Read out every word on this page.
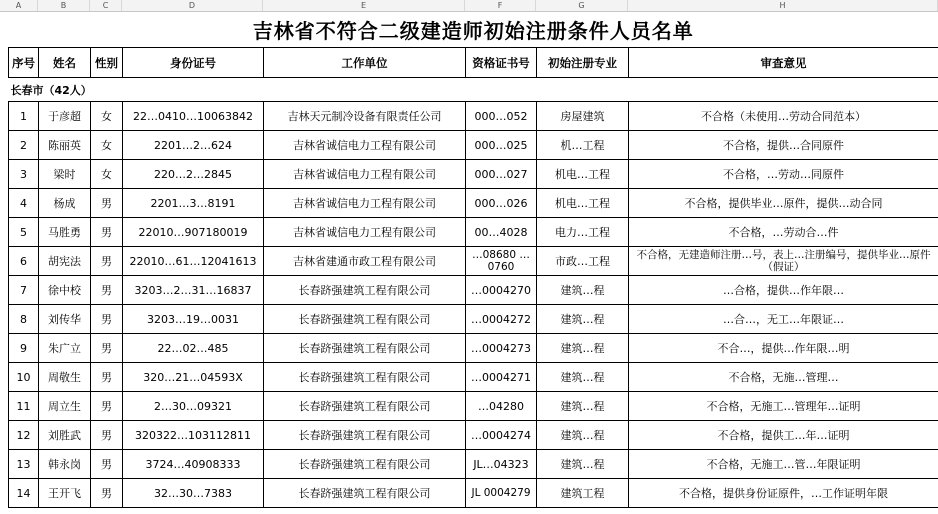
A	B	C	D	E	F	G	H
吉林省不符合二级建造师初始注册条件人员名单							
序号	姓名	性别	身份证号	工作单位	资格证书号	初始注册专业	审查意见
长春市（42人）							
1	于彦超	女	22…0410…10063842	吉林天元制冷设备有限责任公司	000…052	房屋建筑	不合格（未使用…劳动合同范本）
2	陈丽英	女	2201…2…624	吉林省诚信电力工程有限公司	000…025	机…工程	不合格，提供…合同原件
3	梁时	女	220…2…2845	吉林省诚信电力工程有限公司	000…027	机电…工程	不合格，…劳动…同原件
4	杨成	男	2201…3…8191	吉林省诚信电力工程有限公司	000…026	机电…工程	不合格，提供毕业…原件，提供…动合同
5	马胜勇	男	22010…907180019	吉林省诚信电力工程有限公司	00…4028	电力…工程	不合格，…劳动合…件
6	胡宪法	男	22010…61…12041613	吉林省建通市政工程有限公司	…08680 …0760	市政…工程	不合格，无建造师注册…号，表上…注册编号，提供毕业…原件（假证）
7	徐中校	男	3203…2…31…16837	长春跻强建筑工程有限公司	…0004270	建筑…程	…合格，提供…作年限…
8	刘传华	男	3203…19…0031	长春跻强建筑工程有限公司	…0004272	建筑…程	…合…，无工…年限证…
9	朱广立	男	22…02…485	长春跻强建筑工程有限公司	…0004273	建筑…程	不合…，提供…作年限…明
10	周敬生	男	320…21…04593X	长春跻强建筑工程有限公司	…0004271	建筑…程	不合格，无施…管理…
11	周立生	男	2…30…09321	长春跻强建筑工程有限公司	…04280	建筑…程	不合格，无施工…管理年…证明
12	刘胜武	男	320322…103112811	长春跻强建筑工程有限公司	…0004274	建筑…程	不合格，提供工…年…证明
13	韩永岗	男	3724…40908333	长春跻强建筑工程有限公司	JL…04323	建筑…程	不合格，无施工…管…年限证明
14	王开飞	男	32…30…7383	长春跻强建筑工程有限公司	JL 0004279	建筑工程	不合格，提供身份证原件，…工作证明年限
